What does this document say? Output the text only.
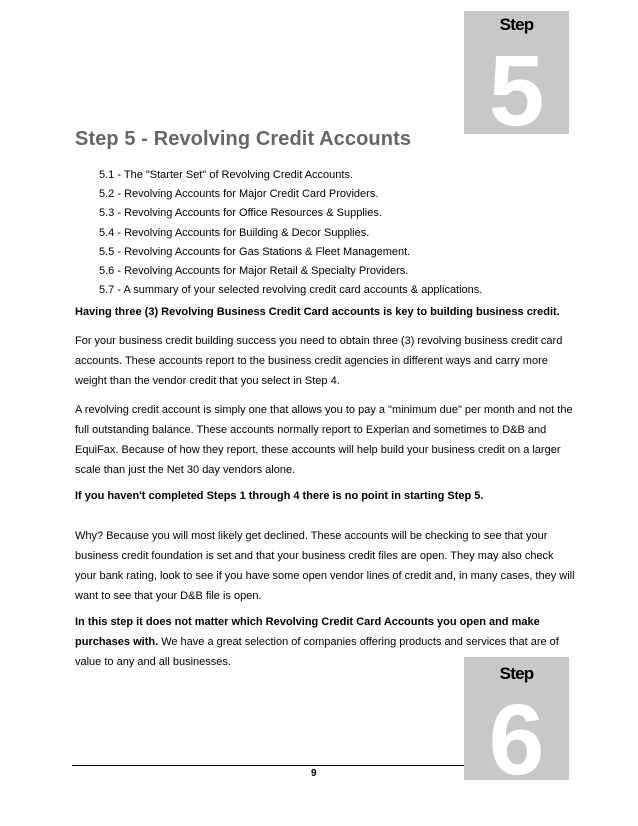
Step
5
Step 5 - Revolving Credit Accounts
5.1 - The "Starter Set" of Revolving Credit Accounts.
5.2 - Revolving Accounts for Major Credit Card Providers.
5.3 - Revolving Accounts for Office Resources & Supplies.
5.4 - Revolving Accounts for Building & Decor Supplies.
5.5 - Revolving Accounts for Gas Stations & Fleet Management.
5.6 - Revolving Accounts for Major Retail & Specialty Providers.
5.7 - A summary of your selected revolving credit card accounts & applications.

Having three (3) Revolving Business Credit Card accounts is key to building business credit.

For your business credit building success you need to obtain three (3) revolving business credit card accounts. These accounts report to the business credit agencies in different ways and carry more weight than the vendor credit that you select in Step 4.

A revolving credit account is simply one that allows you to pay a "minimum due" per month and not the full outstanding balance. These accounts normally report to Experian and sometimes to D&B and EquiFax. Because of how they report, these accounts will help build your business credit on a larger scale than just the Net 30 day vendors alone.

If you haven't completed Steps 1 through 4 there is no point in starting Step 5.

Why? Because you will most likely get declined. These accounts will be checking to see that your business credit foundation is set and that your business credit files are open. They may also check your bank rating, look to see if you have some open vendor lines of credit and, in many cases, they will want to see that your D&B file is open.

In this step it does not matter which Revolving Credit Card Accounts you open and make purchases with. We have a great selection of companies offering products and services that are of value to any and all businesses.

Step
6
9
